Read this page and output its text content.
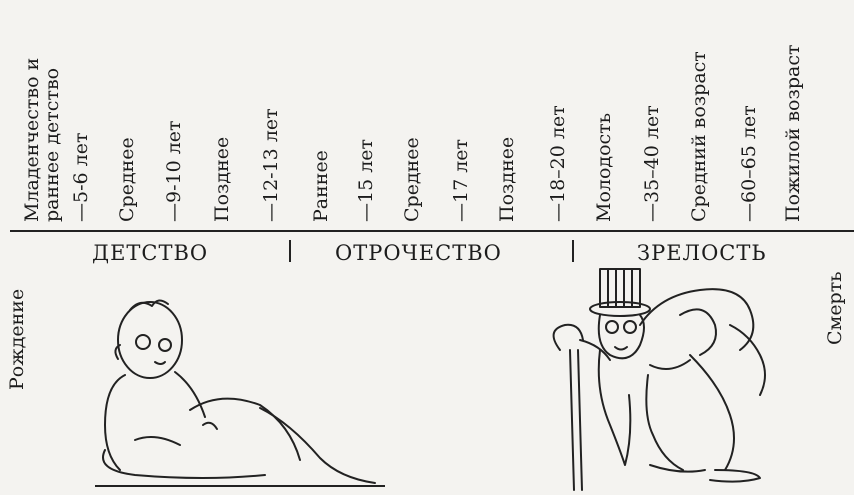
Младенчество и
раннее детство
—5-6 лет Среднее —9-10 лет Позднее —12-13 лет Раннее —15 лет Среднее —17 лет Позднее —18–20 лет Молодость —35–40 лет Средний возраст —60–65 лет Пожилой возраст
Рождение	Смерть
ДЕТСТВО	ОТРОЧЕСТВО	ЗРЕЛОСТЬ
